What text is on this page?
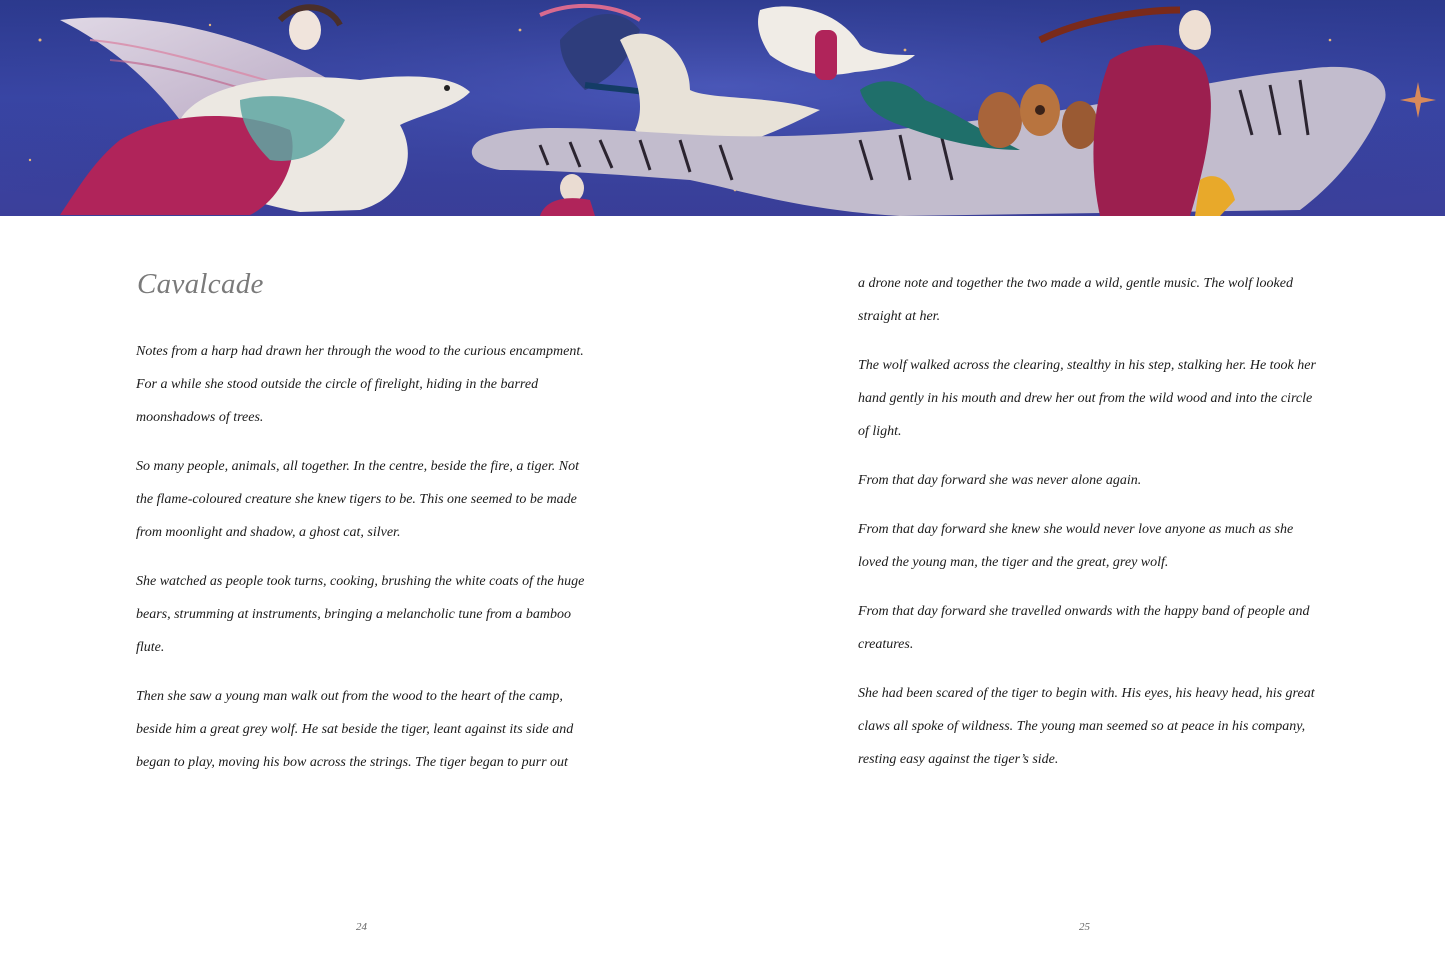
Cavalcade

Notes from a harp had drawn her through the wood to the curious encampment. For a while she stood outside the circle of firelight, hiding in the barred moonshadows of trees.

So many people, animals, all together. In the centre, beside the fire, a tiger. Not the flame-coloured creature she knew tigers to be. This one seemed to be made from moonlight and shadow, a ghost cat, silver.

She watched as people took turns, cooking, brushing the white coats of the huge bears, strumming at instruments, bringing a melancholic tune from a bamboo flute.

Then she saw a young man walk out from the wood to the heart of the camp, beside him a great grey wolf. He sat beside the tiger, leant against its side and began to play, moving his bow across the strings. The tiger began to purr out

24

a drone note and together the two made a wild, gentle music. The wolf looked straight at her.

The wolf walked across the clearing, stealthy in his step, stalking her. He took her hand gently in his mouth and drew her out from the wild wood and into the circle of light.

From that day forward she was never alone again.

From that day forward she knew she would never love anyone as much as she loved the young man, the tiger and the great, grey wolf.

From that day forward she travelled onwards with the happy band of people and creatures.

She had been scared of the tiger to begin with. His eyes, his heavy head, his great claws all spoke of wildness. The young man seemed so at peace in his company, resting easy against the tiger’s side.

25
